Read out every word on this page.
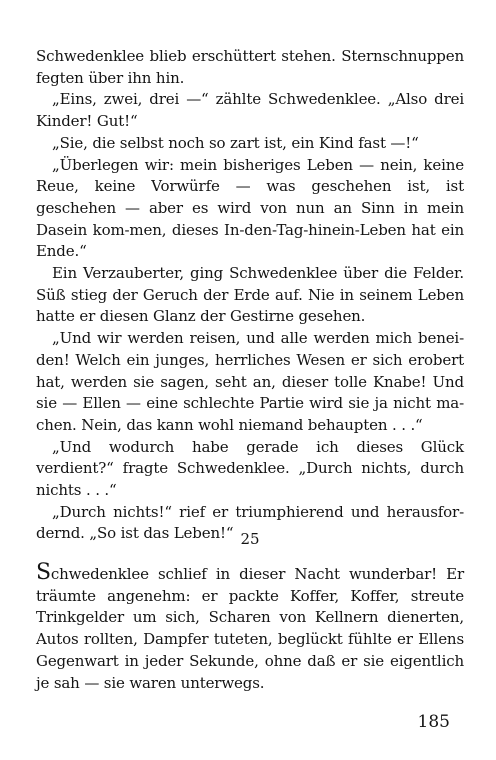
Schwedenklee blieb erschüttert stehen. Sternschnuppen fegten über ihn hin.

„Eins, zwei, drei —“ zählte Schwedenklee. „Also drei Kinder! Gut!“

„Sie, die selbst noch so zart ist, ein Kind fast —!“

„Überlegen wir: mein bisheriges Leben — nein, keine Reue, keine Vorwürfe — was geschehen ist, ist geschehen — aber es wird von nun an Sinn in mein Dasein kom-men, dieses In-den-Tag-hinein-Leben hat ein Ende.“

Ein Verzauberter, ging Schwedenklee über die Felder. Süß stieg der Geruch der Erde auf. Nie in seinem Leben hatte er diesen Glanz der Gestirne gesehen.

„Und wir werden reisen, und alle werden mich benei-den! Welch ein junges, herrliches Wesen er sich erobert hat, werden sie sagen, seht an, dieser tolle Knabe! Und sie — Ellen — eine schlechte Partie wird sie ja nicht ma-chen. Nein, das kann wohl niemand behaupten . . .“

„Und wodurch habe gerade ich dieses Glück verdient?“ fragte Schwedenklee. „Durch nichts, durch nichts . . .“

„Durch nichts!“ rief er triumphierend und herausfor-dernd. „So ist das Leben!“ 25

Schwedenklee schlief in dieser Nacht wunderbar! Er träumte angenehm: er packte Koffer, Koffer, streute Trinkgelder um sich, Scharen von Kellnern dienerten, Autos rollten, Dampfer tuteten, beglückt fühlte er Ellens Gegenwart in jeder Sekunde, ohne daß er sie eigentlich je sah — sie waren unterwegs.

185
